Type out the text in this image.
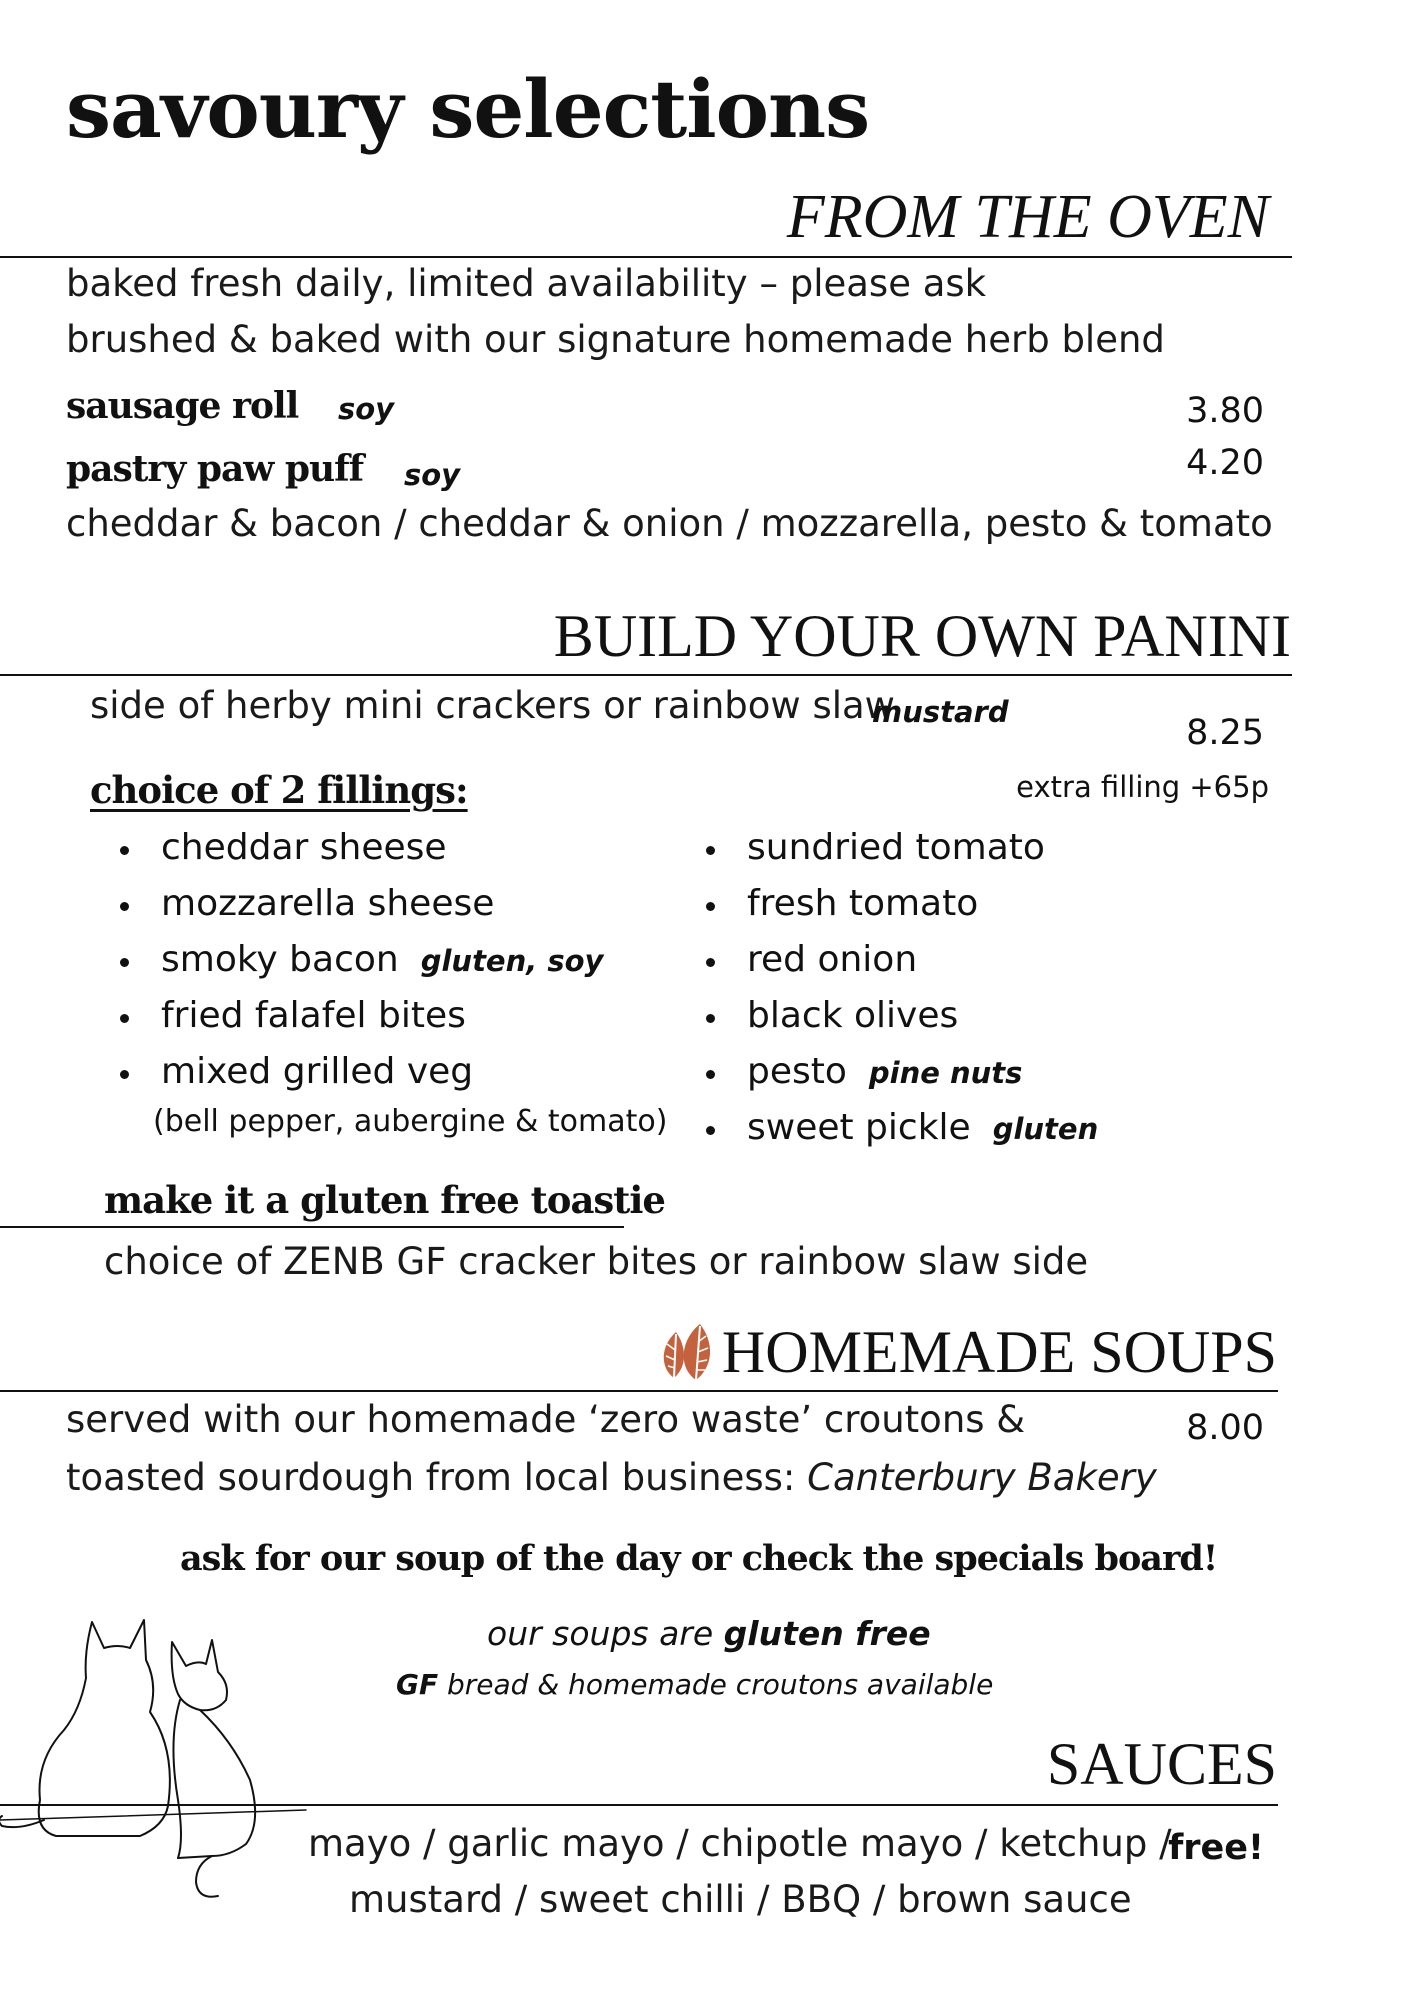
savoury selections
FROM THE OVEN
baked fresh daily, limited availability – please ask
brushed & baked with our signature homemade herb blend
sausage roll soy	3.80
pastry paw puff soy	4.20
cheddar & bacon / cheddar & onion / mozzarella, pesto & tomato
BUILD YOUR OWN PANINI
side of herby mini crackers or rainbow slaw
mustard
8.25
choice of 2 fillings:	extra filling +65p
cheddar sheese
mozzarella sheese
smoky bacon gluten, soy
fried falafel bites
mixed grilled veg
(bell pepper, aubergine & tomato)
sundried tomato
fresh tomato
red onion
black olives
pesto pine nuts
sweet pickle gluten
make it a gluten free toastie
choice of ZENB GF cracker bites or rainbow slaw side
HOMEMADE SOUPS
served with our homemade ‘zero waste’ croutons &
toasted sourdough from local business: Canterbury Bakery
8.00
ask for our soup of the day or check the specials board!
our soups are gluten free
GF bread & homemade croutons available
SAUCES
mayo / garlic mayo / chipotle mayo / ketchup /
mustard / sweet chilli / BBQ / brown sauce
free!
